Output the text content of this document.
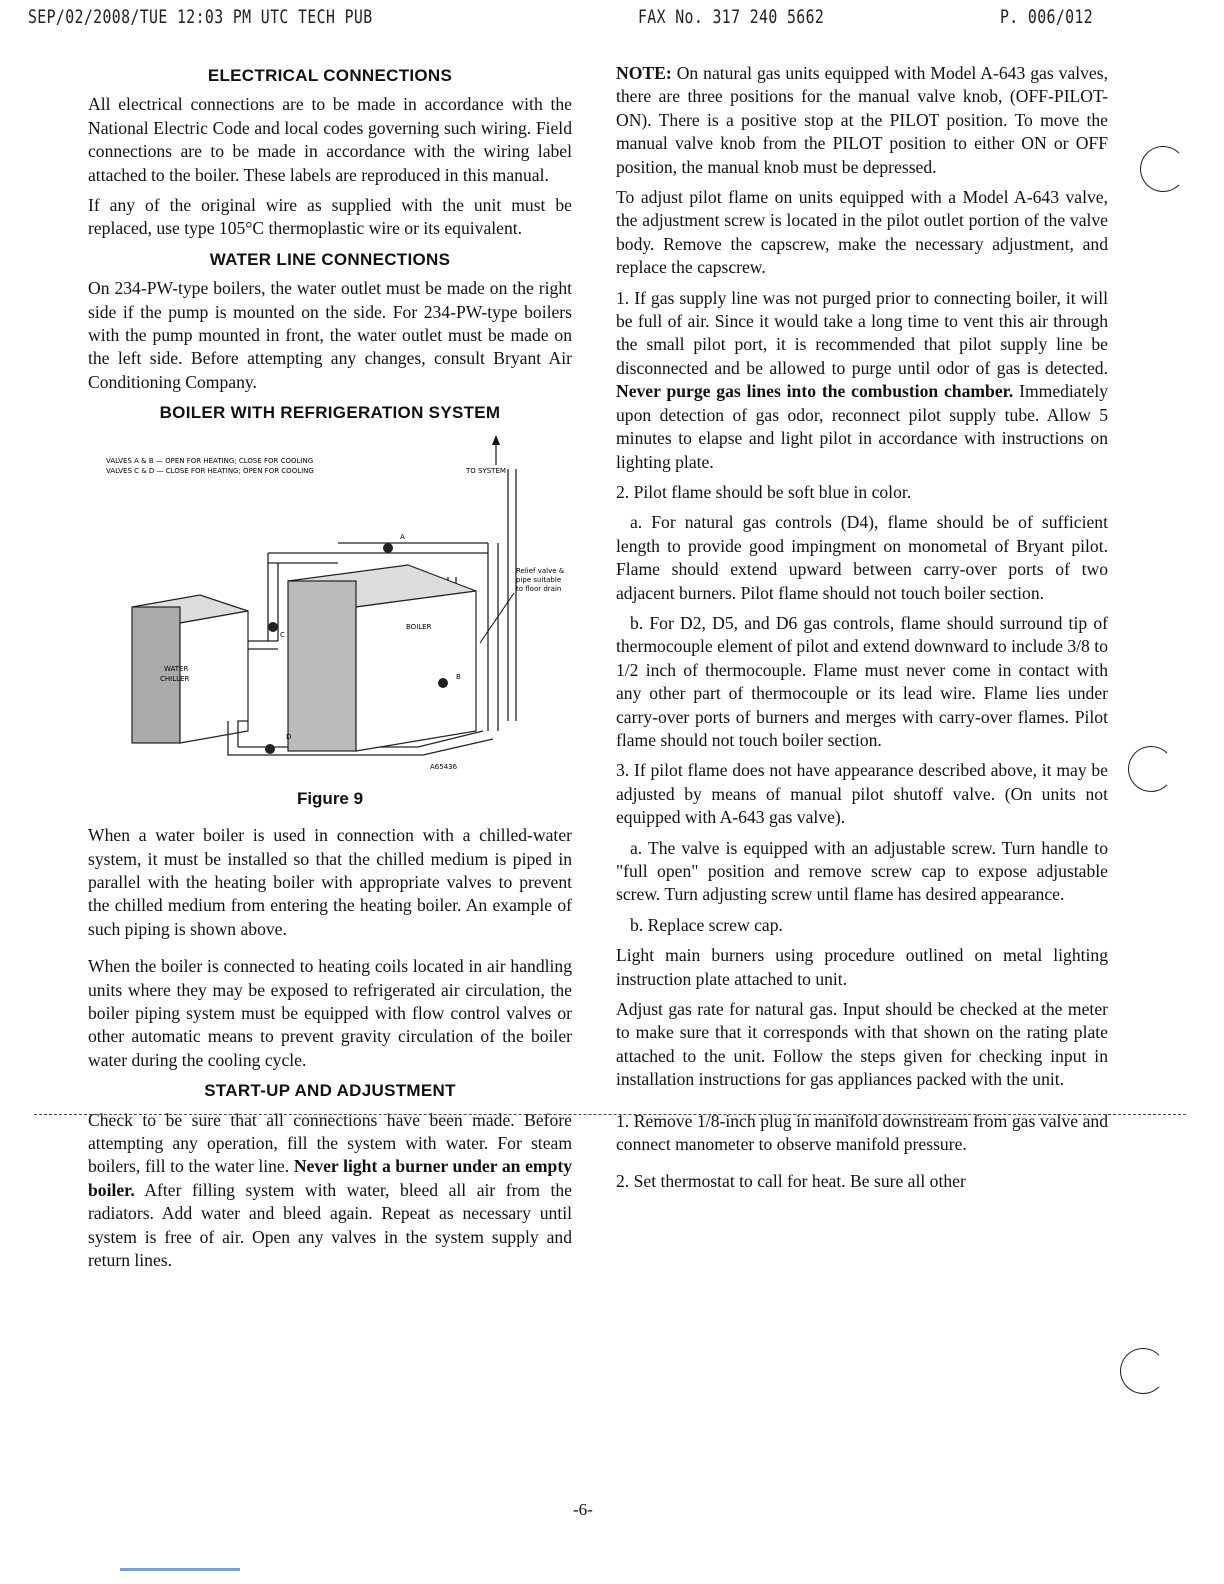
SEP/02/2008/TUE 12:03 PM UTC TECH PUB	FAX No. 317 240 5662	P. 006/012
ELECTRICAL CONNECTIONS

All electrical connections are to be made in accordance with the National Electric Code and local codes governing such wiring. Field connections are to be made in accordance with the wiring label attached to the boiler. These labels are reproduced in this manual.

If any of the original wire as supplied with the unit must be replaced, use type 105°C thermoplastic wire or its equivalent.

WATER LINE CONNECTIONS

On 234-PW-type boilers, the water outlet must be made on the right side if the pump is mounted on the side. For 234-PW-type boilers with the pump mounted in front, the water outlet must be made on the left side. Before attempting any changes, consult Bryant Air Conditioning Company.

BOILER WITH REFRIGERATION SYSTEM
VALVES A & B — OPEN FOR HEATING; CLOSE FOR COOLING
VALVES C & D — CLOSE FOR HEATING; OPEN FOR COOLING	TO SYSTEM
Relief valve &
pipe suitable
to floor drain
BOILER
WATER
CHILLER
A
C
B
D
A65436
Figure 9

When a water boiler is used in connection with a chilled-water system, it must be installed so that the chilled medium is piped in parallel with the heating boiler with appropriate valves to prevent the chilled medium from entering the heating boiler. An example of such piping is shown above.

When the boiler is connected to heating coils located in air handling units where they may be exposed to refrigerated air circulation, the boiler piping system must be equipped with flow control valves or other automatic means to prevent gravity circulation of the boiler water during the cooling cycle.

START-UP AND ADJUSTMENT

Check to be sure that all connections have been made. Before attempting any operation, fill the system with water. For steam boilers, fill to the water line. Never light a burner under an empty boiler. After filling system with water, bleed all air from the radiators. Add water and bleed again. Repeat as necessary until system is free of air. Open any valves in the system supply and return lines.

NOTE: On natural gas units equipped with Model A-643 gas valves, there are three positions for the manual valve knob, (OFF-PILOT-ON). There is a positive stop at the PILOT position. To move the manual valve knob from the PILOT position to either ON or OFF position, the manual knob must be depressed.

To adjust pilot flame on units equipped with a Model A-643 valve, the adjustment screw is located in the pilot outlet portion of the valve body. Remove the capscrew, make the necessary adjustment, and replace the capscrew.

1. If gas supply line was not purged prior to connecting boiler, it will be full of air. Since it would take a long time to vent this air through the small pilot port, it is recommended that pilot supply line be disconnected and be allowed to purge until odor of gas is detected. Never purge gas lines into the combustion chamber. Immediately upon detection of gas odor, reconnect pilot supply tube. Allow 5 minutes to elapse and light pilot in accordance with instructions on lighting plate.

2. Pilot flame should be soft blue in color.

a. For natural gas controls (D4), flame should be of sufficient length to provide good impingment on monometal of Bryant pilot. Flame should extend upward between carry-over ports of two adjacent burners. Pilot flame should not touch boiler section.

b. For D2, D5, and D6 gas controls, flame should surround tip of thermocouple element of pilot and extend downward to include 3/8 to 1/2 inch of thermocouple. Flame must never come in contact with any other part of thermocouple or its lead wire. Flame lies under carry-over ports of burners and merges with carry-over flames. Pilot flame should not touch boiler section.

3. If pilot flame does not have appearance described above, it may be adjusted by means of manual pilot shutoff valve. (On units not equipped with A-643 gas valve).

a. The valve is equipped with an adjustable screw. Turn handle to "full open" position and remove screw cap to expose adjustable screw. Turn adjusting screw until flame has desired appearance.

b. Replace screw cap.

Light main burners using procedure outlined on metal lighting instruction plate attached to unit.

Adjust gas rate for natural gas. Input should be checked at the meter to make sure that it corresponds with that shown on the rating plate attached to the unit. Follow the steps given for checking input in installation instructions for gas appliances packed with the unit.

1. Remove 1/8-inch plug in manifold downstream from gas valve and connect manometer to observe manifold pressure.

2. Set thermostat to call for heat. Be sure all other

-6-
